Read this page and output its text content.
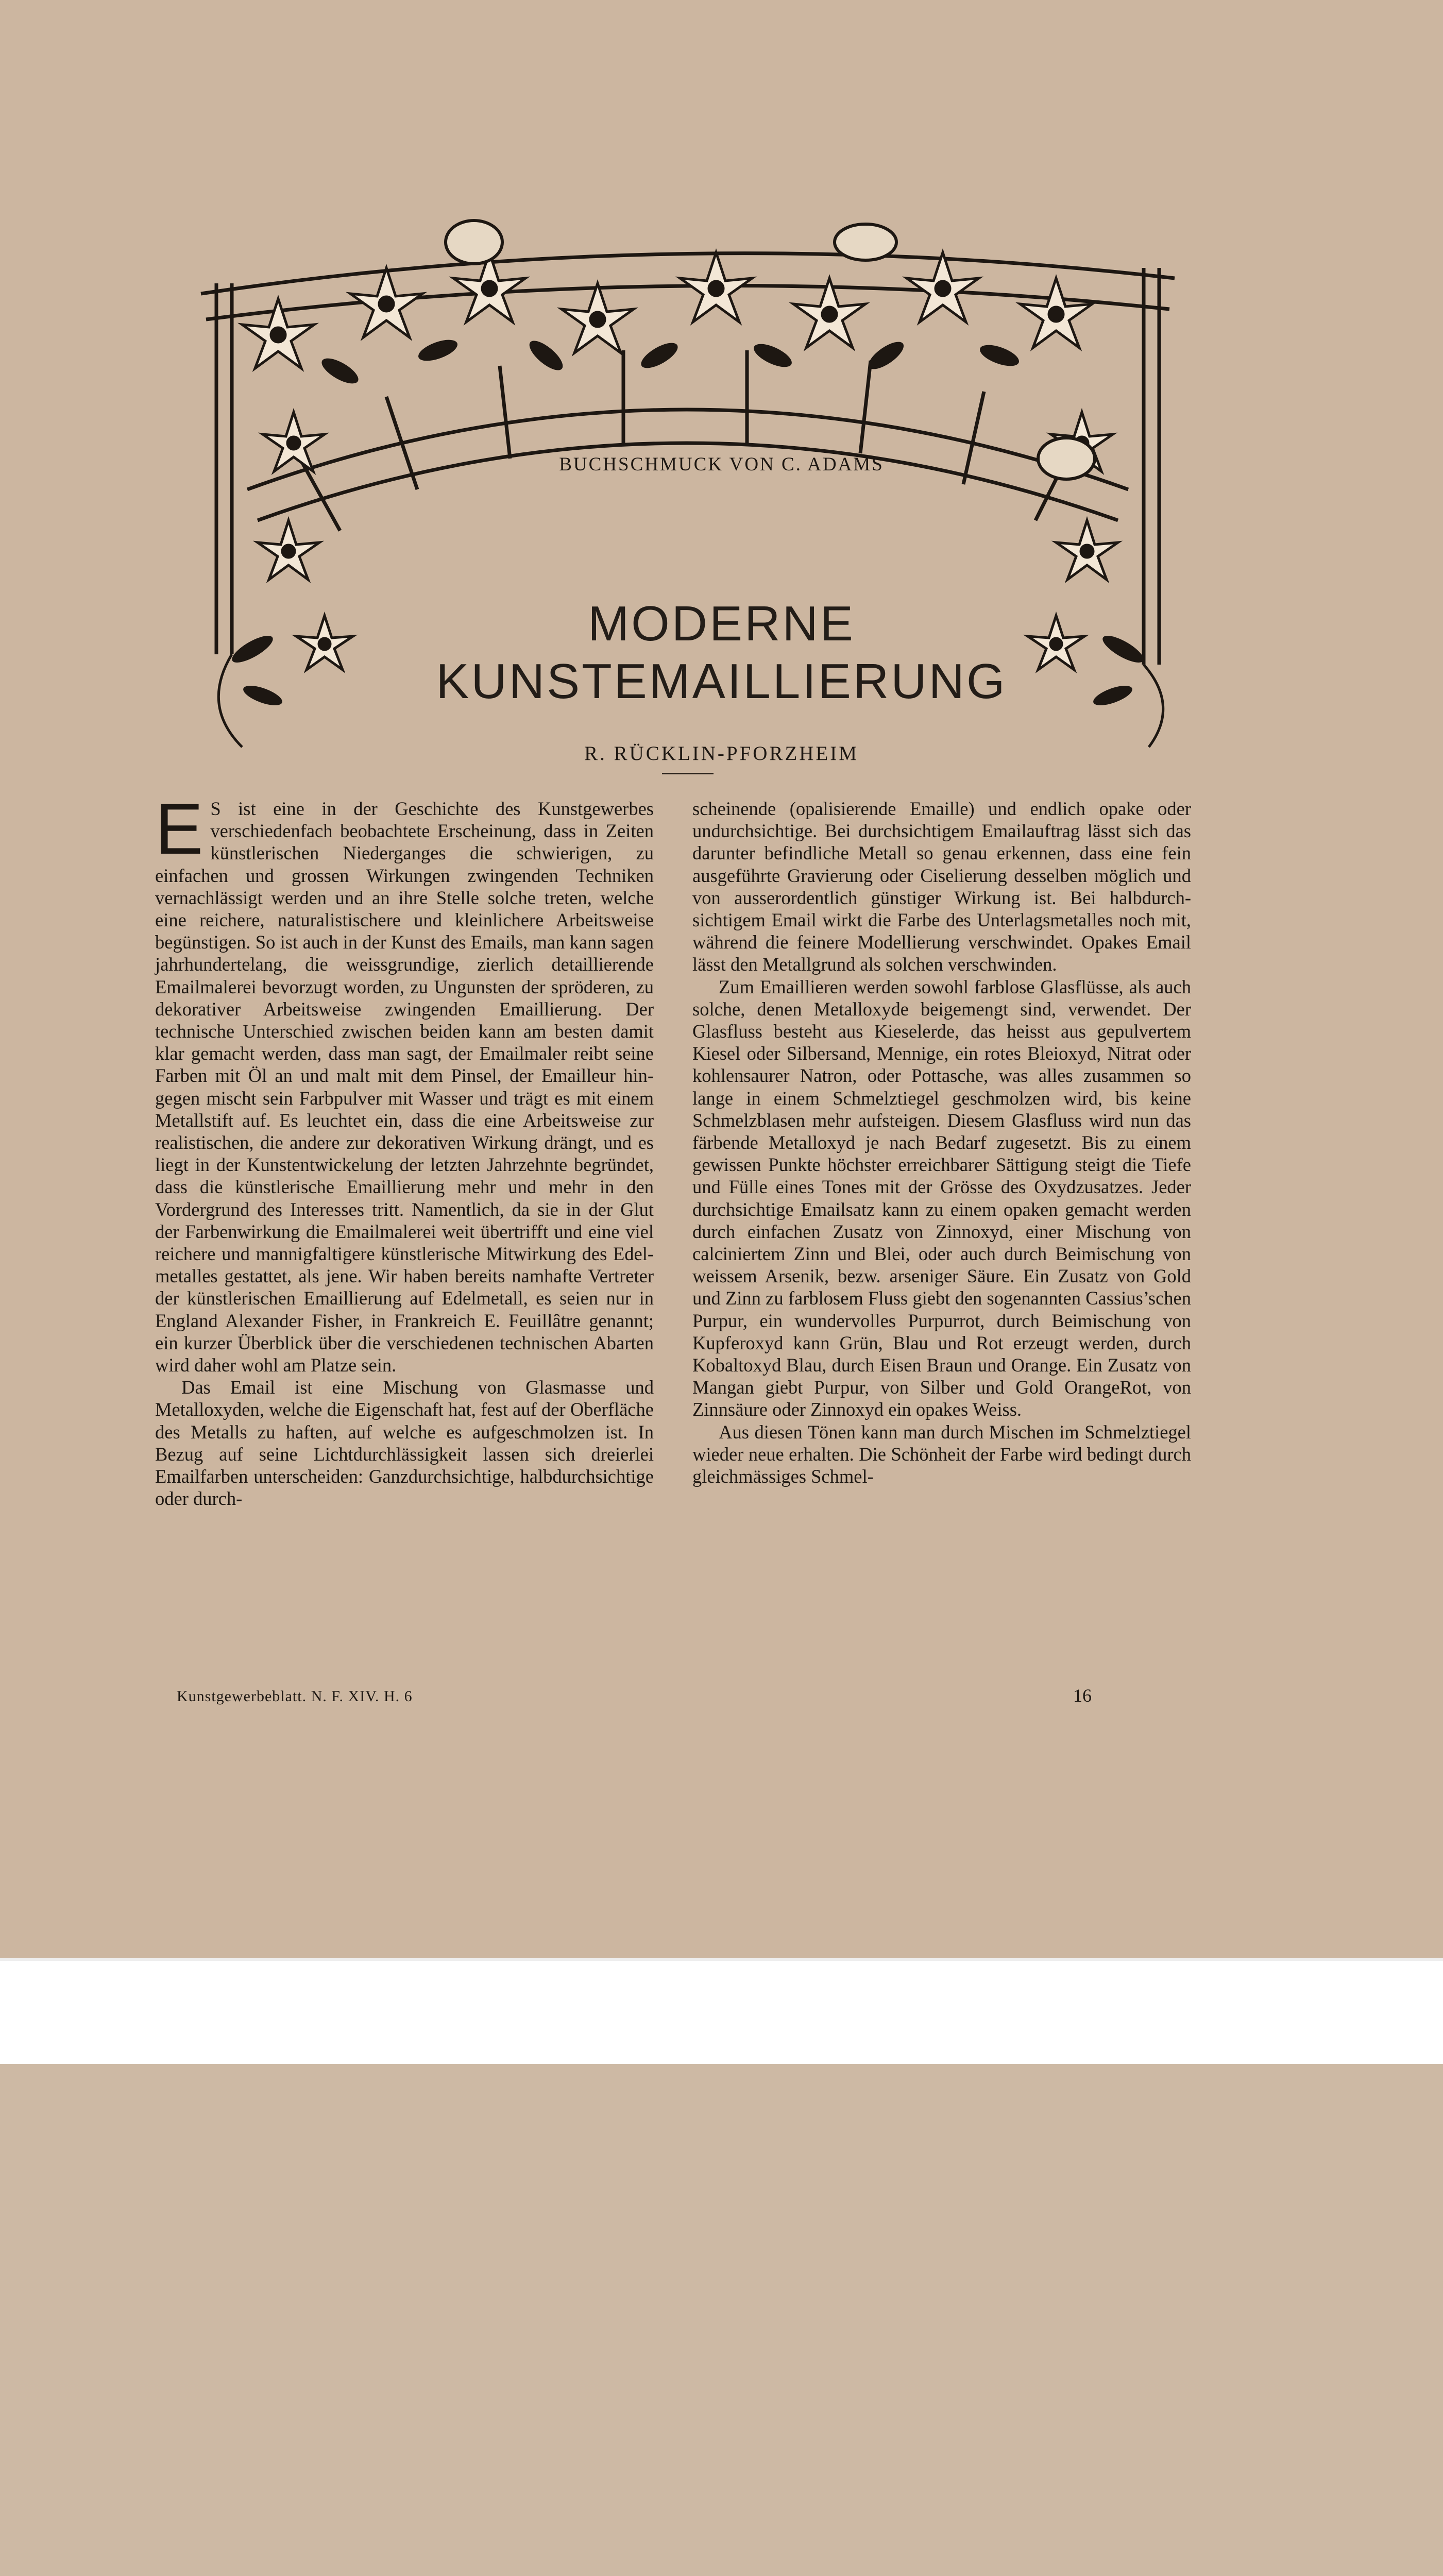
BUCHSCHMUCK VON C. ADAMS
MODERNE
KUNSTEMAILLIERUNG
R. RÜCKLIN-PFORZHEIM

E S ist eine in der Geschichte des Kunstgewerbes verschiedenfach beobachtete Erscheinung, dass in Zeiten künstlerischen Niederganges die schwierigen, zu einfachen und grossen Wirkungen zwingenden Techniken vernachlässigt werden und an ihre Stelle solche treten, welche eine reichere, naturalistischere und kleinlichere Arbeitsweise begünstigen. So ist auch in der Kunst des Emails, man kann sagen jahrhundertelang, die weissgrundige, zierlich detaillierende Emailmalerei bevorzugt worden, zu Ungunsten der spröderen, zu dekorativer Arbeitsweise zwingenden Emaillierung. Der technische Unterschied zwischen beiden kann am besten damit klar gemacht werden, dass man sagt, der Emailmaler reibt seine Farben mit Öl an und malt mit dem Pinsel, der Emailleur hingegen mischt sein Farbpulver mit Wasser und trägt es mit einem Metallstift auf. Es leuchtet ein, dass die eine Arbeitsweise zur realistischen, die andere zur dekorativen Wirkung drängt, und es liegt in der Kunstentwickelung der letzten Jahrzehnte begründet, dass die künstlerische Emaillierung mehr und mehr in den Vordergrund des Interesses tritt. Namentlich, da sie in der Glut der Farbenwirkung die Emailmalerei weit übertrifft und eine viel reichere und mannigfaltigere künstlerische Mitwirkung des Edelmetalles gestattet, als jene. Wir haben bereits namhafte Vertreter der künstlerischen Emaillierung auf Edelmetall, es seien nur in England Alexander Fisher, in Frankreich E. Feuillâtre genannt; ein kurzer Überblick über die verschiedenen technischen Abarten wird daher wohl am Platze sein.

Das Email ist eine Mischung von Glasmasse und Metalloxyden, welche die Eigenschaft hat, fest auf der Oberfläche des Metalls zu haften, auf welche es aufgeschmolzen ist. In Bezug auf seine Lichtdurchlässigkeit lassen sich dreierlei Emailfarben unterscheiden: Ganzdurchsichtige, halbdurchsichtige oder durch-

scheinende (opalisierende Emaille) und endlich opake oder undurchsichtige. Bei durchsichtigem Emailauftrag lässt sich das darunter befindliche Metall so genau erkennen, dass eine fein ausgeführte Gravierung oder Ciselierung desselben möglich und von ausserordentlich günstiger Wirkung ist. Bei halbdurchsichtigem Email wirkt die Farbe des Unterlagsmetalles noch mit, während die feinere Modellierung verschwindet. Opakes Email lässt den Metallgrund als solchen verschwinden.

Zum Emaillieren werden sowohl farblose Glasflüsse, als auch solche, denen Metalloxyde beigemengt sind, verwendet. Der Glasfluss besteht aus Kieselerde, das heisst aus gepulvertem Kiesel oder Silbersand, Mennige, ein rotes Bleioxyd, Nitrat oder kohlensaurer Natron, oder Pottasche, was alles zusammen so lange in einem Schmelztiegel geschmolzen wird, bis keine Schmelzblasen mehr aufsteigen. Diesem Glasfluss wird nun das färbende Metalloxyd je nach Bedarf zugesetzt. Bis zu einem gewissen Punkte höchster erreichbarer Sättigung steigt die Tiefe und Fülle eines Tones mit der Grösse des Oxydzusatzes. Jeder durchsichtige Emailsatz kann zu einem opaken gemacht werden durch einfachen Zusatz von Zinnoxyd, einer Mischung von calciniertem Zinn und Blei, oder auch durch Beimischung von weissem Arsenik, bezw. arseniger Säure. Ein Zusatz von Gold und Zinn zu farblosem Fluss giebt den sogenannten Cassius’schen Purpur, ein wundervolles Purpurrot, durch Beimischung von Kupferoxyd kann Grün, Blau und Rot erzeugt werden, durch Kobaltoxyd Blau, durch Eisen Braun und Orange. Ein Zusatz von Mangan giebt Purpur, von Silber und Gold OrangeRot, von Zinnsäure oder Zinnoxyd ein opakes Weiss.

Aus diesen Tönen kann man durch Mischen im Schmelztiegel wieder neue erhalten. Die Schönheit der Farbe wird bedingt durch gleichmässiges Schmel-

Kunstgewerbeblatt. N. F. XIV. H. 6	16
